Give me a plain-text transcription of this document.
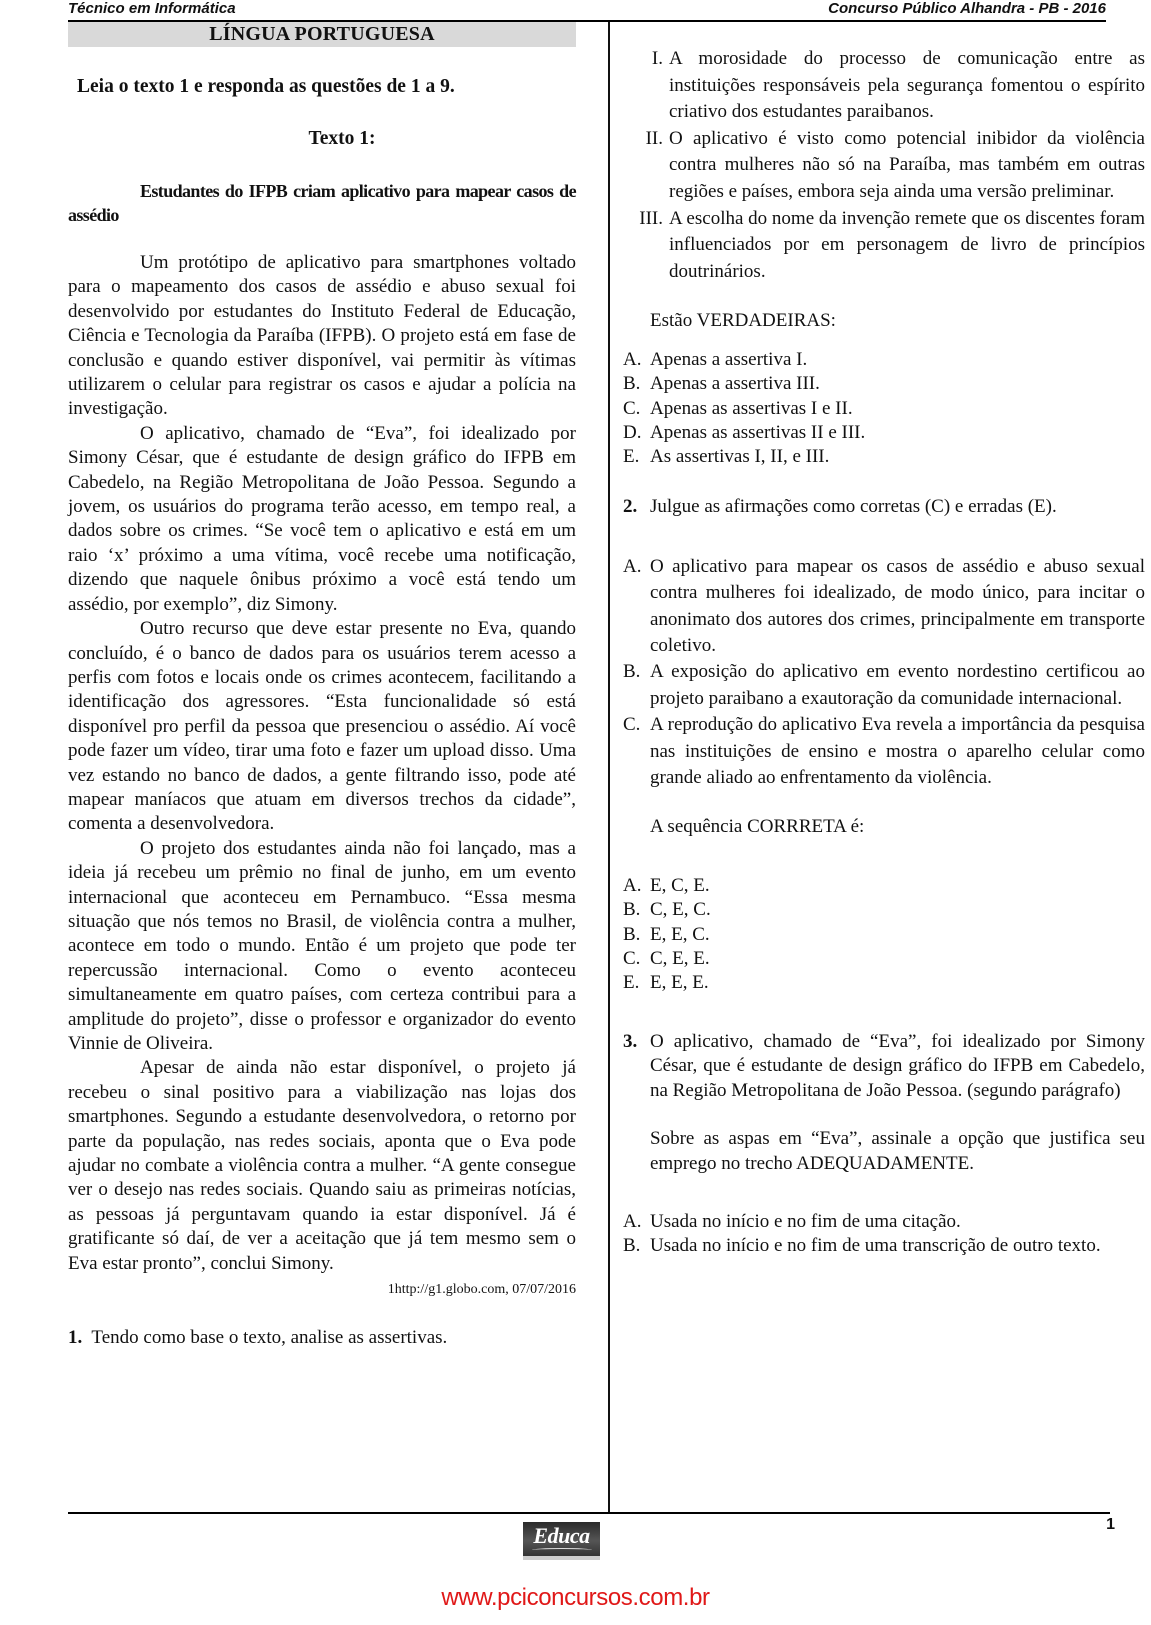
Técnico em Informática	Concurso Público Alhandra - PB - 2016
LÍNGUA PORTUGUESA
Leia o texto 1 e responda as questões de 1 a 9.
Texto 1:
Estudantes do IFPB criam aplicativo para mapear casos de assédio

Um protótipo de aplicativo para smartphones voltado para o mapeamento dos casos de assédio e abuso sexual foi desenvolvido por estudantes do Instituto Federal de Educação, Ciência e Tecnologia da Paraíba (IFPB). O projeto está em fase de conclusão e quando estiver disponível, vai permitir às vítimas utilizarem o celular para registrar os casos e ajudar a polícia na investigação.

O aplicativo, chamado de “Eva”, foi idealizado por Simony César, que é estudante de design gráfico do IFPB em Cabedelo, na Região Metropolitana de João Pessoa. Segundo a jovem, os usuários do programa terão acesso, em tempo real, a dados sobre os crimes. “Se você tem o aplicativo e está em um raio ‘x’ próximo a uma vítima, você recebe uma notificação, dizendo que naquele ônibus próximo a você está tendo um assédio, por exemplo”, diz Simony.

Outro recurso que deve estar presente no Eva, quando concluído, é o banco de dados para os usuários terem acesso a perfis com fotos e locais onde os crimes acontecem, facilitando a identificação dos agressores. “Esta funcionalidade só está disponível pro perfil da pessoa que presenciou o assédio. Aí você pode fazer um vídeo, tirar uma foto e fazer um upload disso. Uma vez estando no banco de dados, a gente filtrando isso, pode até mapear maníacos que atuam em diversos trechos da cidade”, comenta a desenvolvedora.

O projeto dos estudantes ainda não foi lançado, mas a ideia já recebeu um prêmio no final de junho, em um evento internacional que aconteceu em Pernambuco. “Essa mesma situação que nós temos no Brasil, de violência contra a mulher, acontece em todo o mundo. Então é um projeto que pode ter repercussão internacional. Como o evento aconteceu simultaneamente em quatro países, com certeza contribui para a amplitude do projeto”, disse o professor e organizador do evento Vinnie de Oliveira.

Apesar de ainda não estar disponível, o projeto já recebeu o sinal positivo para a viabilização nas lojas dos smartphones. Segundo a estudante desenvolvedora, o retorno por parte da população, nas redes sociais, aponta que o Eva pode ajudar no combate a violência contra a mulher. “A gente consegue ver o desejo nas redes sociais. Quando saiu as primeiras notícias, as pessoas já perguntavam quando ia estar disponível. Já é gratificante só daí, de ver a aceitação que já tem mesmo sem o Eva estar pronto”, conclui Simony.

1http://g1.globo.com, 07/07/2016
1. Tendo como base o texto, analise as assertivas.
I. A morosidade do processo de comunicação entre as instituições responsáveis pela segurança fomentou o espírito criativo dos estudantes paraibanos.
II. O aplicativo é visto como potencial inibidor da violência contra mulheres não só na Paraíba, mas também em outras regiões e países, embora seja ainda uma versão preliminar.
III. A escolha do nome da invenção remete que os discentes foram influenciados por em personagem de livro de princípios doutrinários.
Estão VERDADEIRAS:
A. Apenas a assertiva I.
B. Apenas a assertiva III.
C. Apenas as assertivas I e II.
D. Apenas as assertivas II e III.
E. As assertivas I, II, e III.
2. Julgue as afirmações como corretas (C) e erradas (E).
A. O aplicativo para mapear os casos de assédio e abuso sexual contra mulheres foi idealizado, de modo único, para incitar o anonimato dos autores dos crimes, principalmente em transporte coletivo.
B. A exposição do aplicativo em evento nordestino certificou ao projeto paraibano a exautoração da comunidade internacional.
C. A reprodução do aplicativo Eva revela a importância da pesquisa nas instituições de ensino e mostra o aparelho celular como grande aliado ao enfrentamento da violência.
A sequência CORRRETA é:
A. E, C, E.
B. C, E, C.
B. E, E, C.
C. C, E, E.
E. E, E, E.
3. O aplicativo, chamado de “Eva”, foi idealizado por Simony César, que é estudante de design gráfico do IFPB em Cabedelo, na Região Metropolitana de João Pessoa. (segundo parágrafo)
Sobre as aspas em “Eva”, assinale a opção que justifica seu emprego no trecho ADEQUADAMENTE.
A. Usada no início e no fim de uma citação.
B. Usada no início e no fim de uma transcrição de outro texto.
1
Educa
www.pciconcursos.com.br
